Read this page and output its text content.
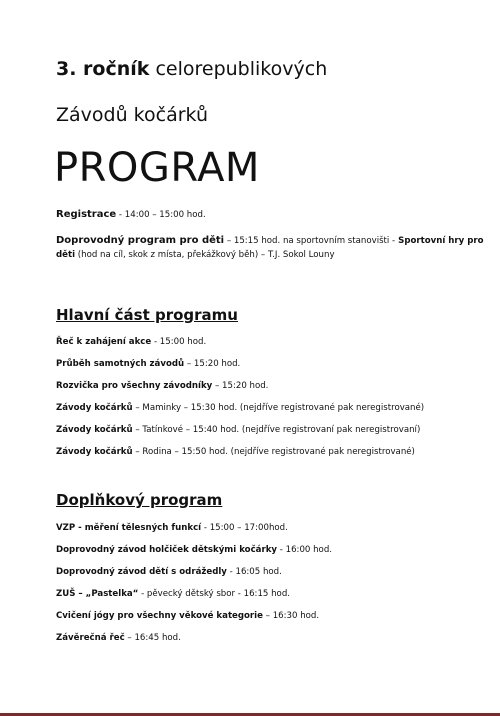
3. ročník celorepublikových
Závodů kočárků
PROGRAM
Registrace - 14:00 – 15:00 hod.
Doprovodný program pro děti – 15:15 hod. na sportovním stanovišti - Sportovní hry pro
děti (hod na cíl, skok z místa, překážkový běh) – T.J. Sokol Louny
Hlavní část programu
Řeč k zahájení akce - 15:00 hod.
Průběh samotných závodů – 15:20 hod.
Rozvička pro všechny závodníky – 15:20 hod.
Závody kočárků – Maminky – 15:30 hod. (nejdříve registrované pak neregistrované)
Závody kočárků – Tatínkové – 15:40 hod. (nejdříve registrovaní pak neregistrovaní)
Závody kočárků – Rodina – 15:50 hod. (nejdříve registrované pak neregistrované)
Doplňkový program
VZP - měření tělesných funkcí - 15:00 – 17:00hod.
Doprovodný závod holčiček dětskými kočárky - 16:00 hod.
Doprovodný závod dětí s odrážedly - 16:05 hod.
ZUŠ – „Pastelka“ - pěvecký dětský sbor - 16:15 hod.
Cvičení jógy pro všechny věkové kategorie – 16:30 hod.
Závěrečná řeč – 16:45 hod.
